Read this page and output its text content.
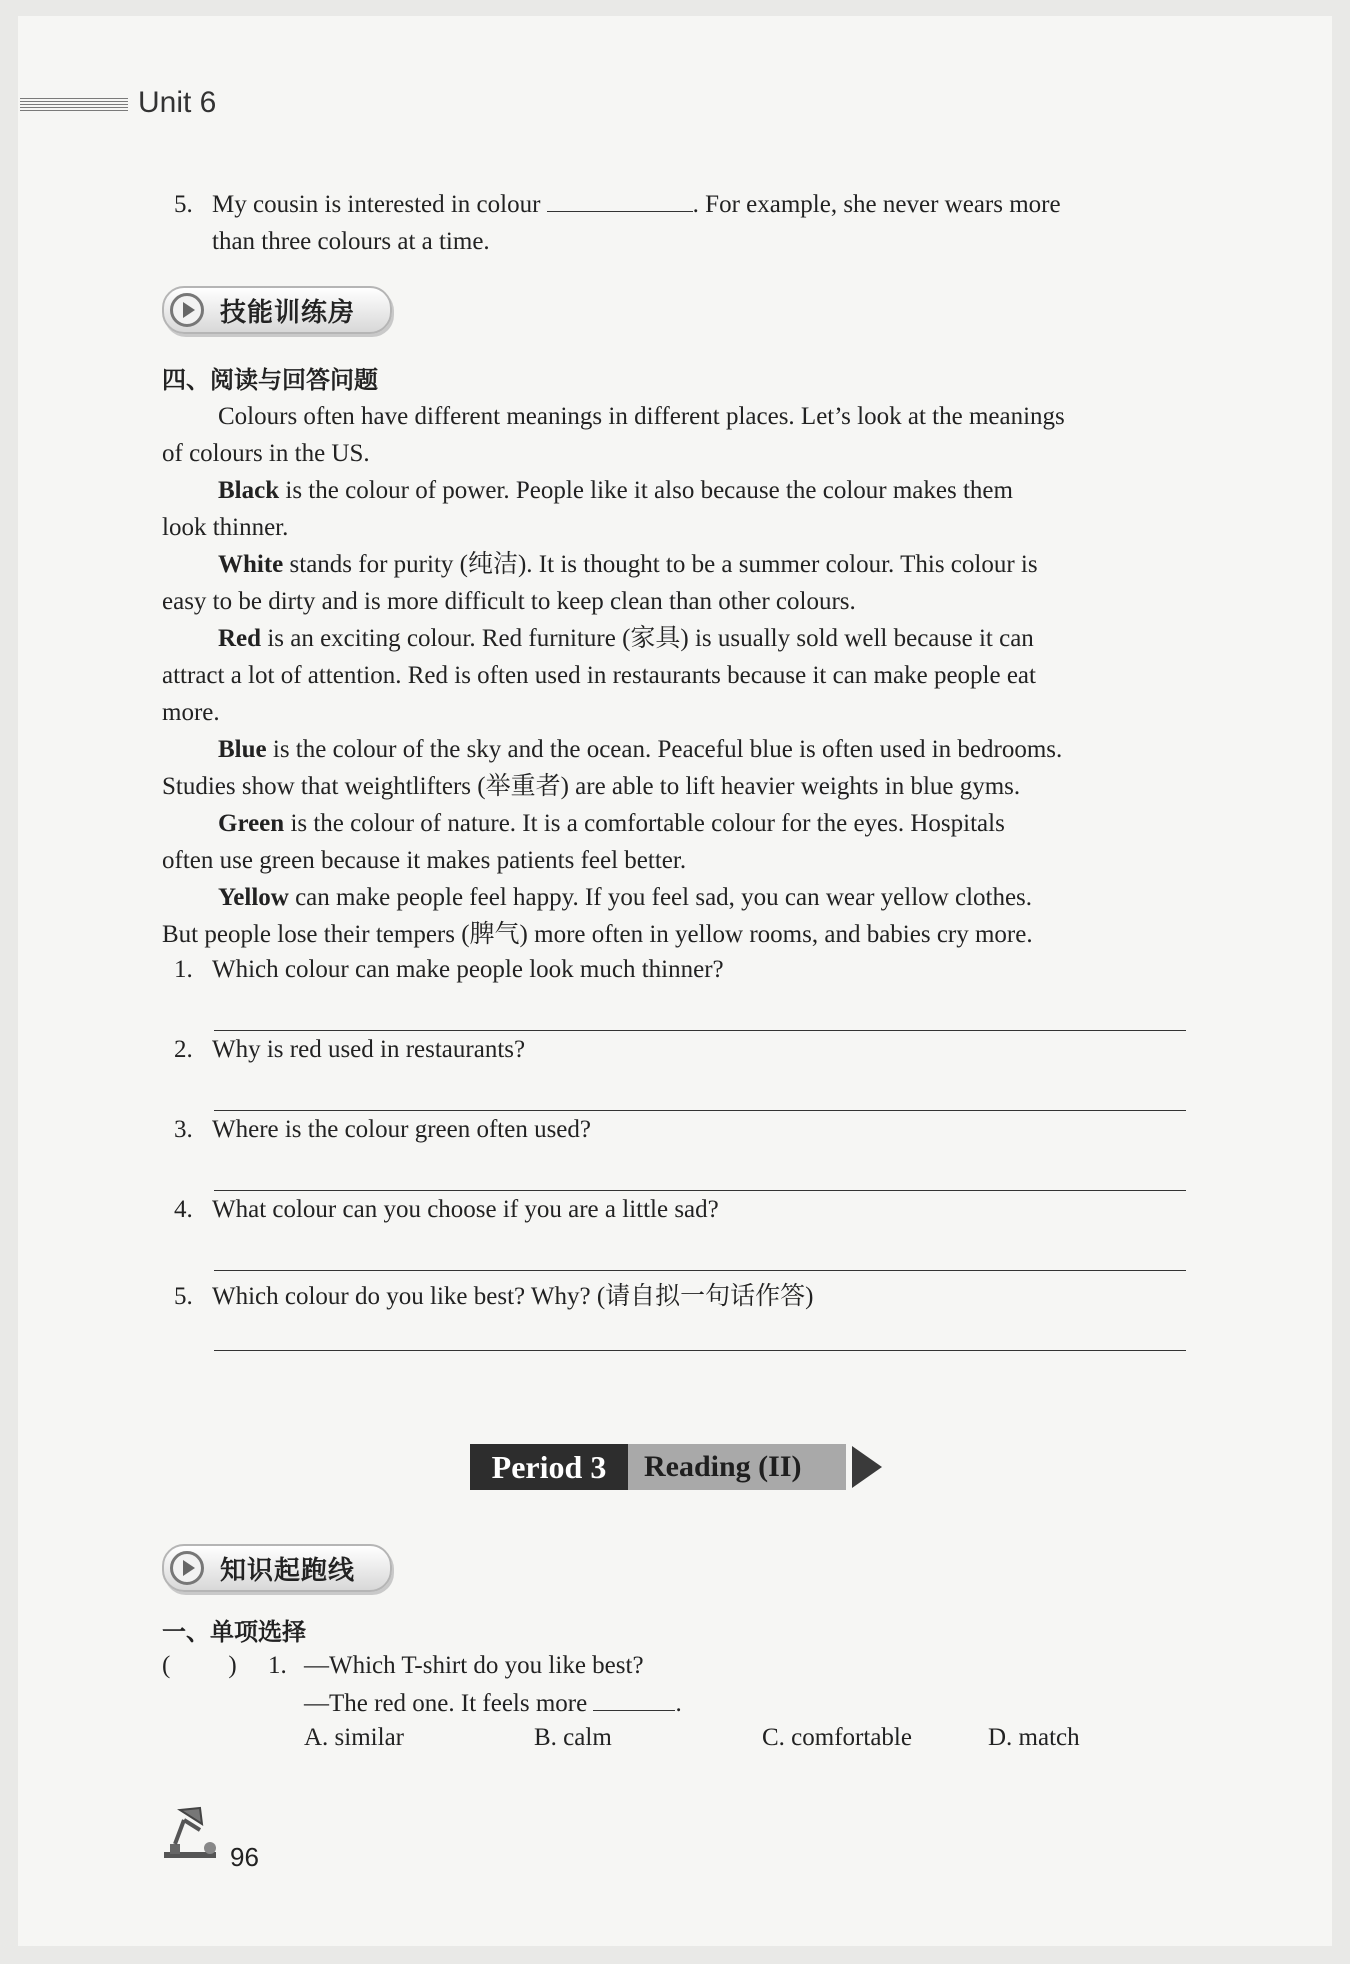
Unit 6
5. My cousin is interested in colour	. For example, she never wears more
than three colours at a time.
技能训练房
四、阅读与回答问题
Colours often have different meanings in different places. Let’s look at the meanings
of colours in the US.
Black is the colour of power. People like it also because the colour makes them
look thinner.
White stands for purity (纯洁). It is thought to be a summer colour. This colour is
easy to be dirty and is more difficult to keep clean than other colours.
Red is an exciting colour. Red furniture (家具) is usually sold well because it can
attract a lot of attention. Red is often used in restaurants because it can make people eat
more.
Blue is the colour of the sky and the ocean. Peaceful blue is often used in bedrooms.
Studies show that weightlifters (举重者) are able to lift heavier weights in blue gyms.
Green is the colour of nature. It is a comfortable colour for the eyes. Hospitals
often use green because it makes patients feel better.
Yellow can make people feel happy. If you feel sad, you can wear yellow clothes.
But people lose their tempers (脾气) more often in yellow rooms, and babies cry more.
1. Which colour can make people look much thinner?
2. Why is red used in restaurants?
3. Where is the colour green often used?
4. What colour can you choose if you are a little sad?
5. Which colour do you like best? Why? (请自拟一句话作答)
Period 3	Reading (II)
知识起跑线
一、单项选择
( ) 1. —Which T-shirt do you like best?
—The red one. It feels more	.
A. similar	B. calm	C. comfortable	D. match
96
